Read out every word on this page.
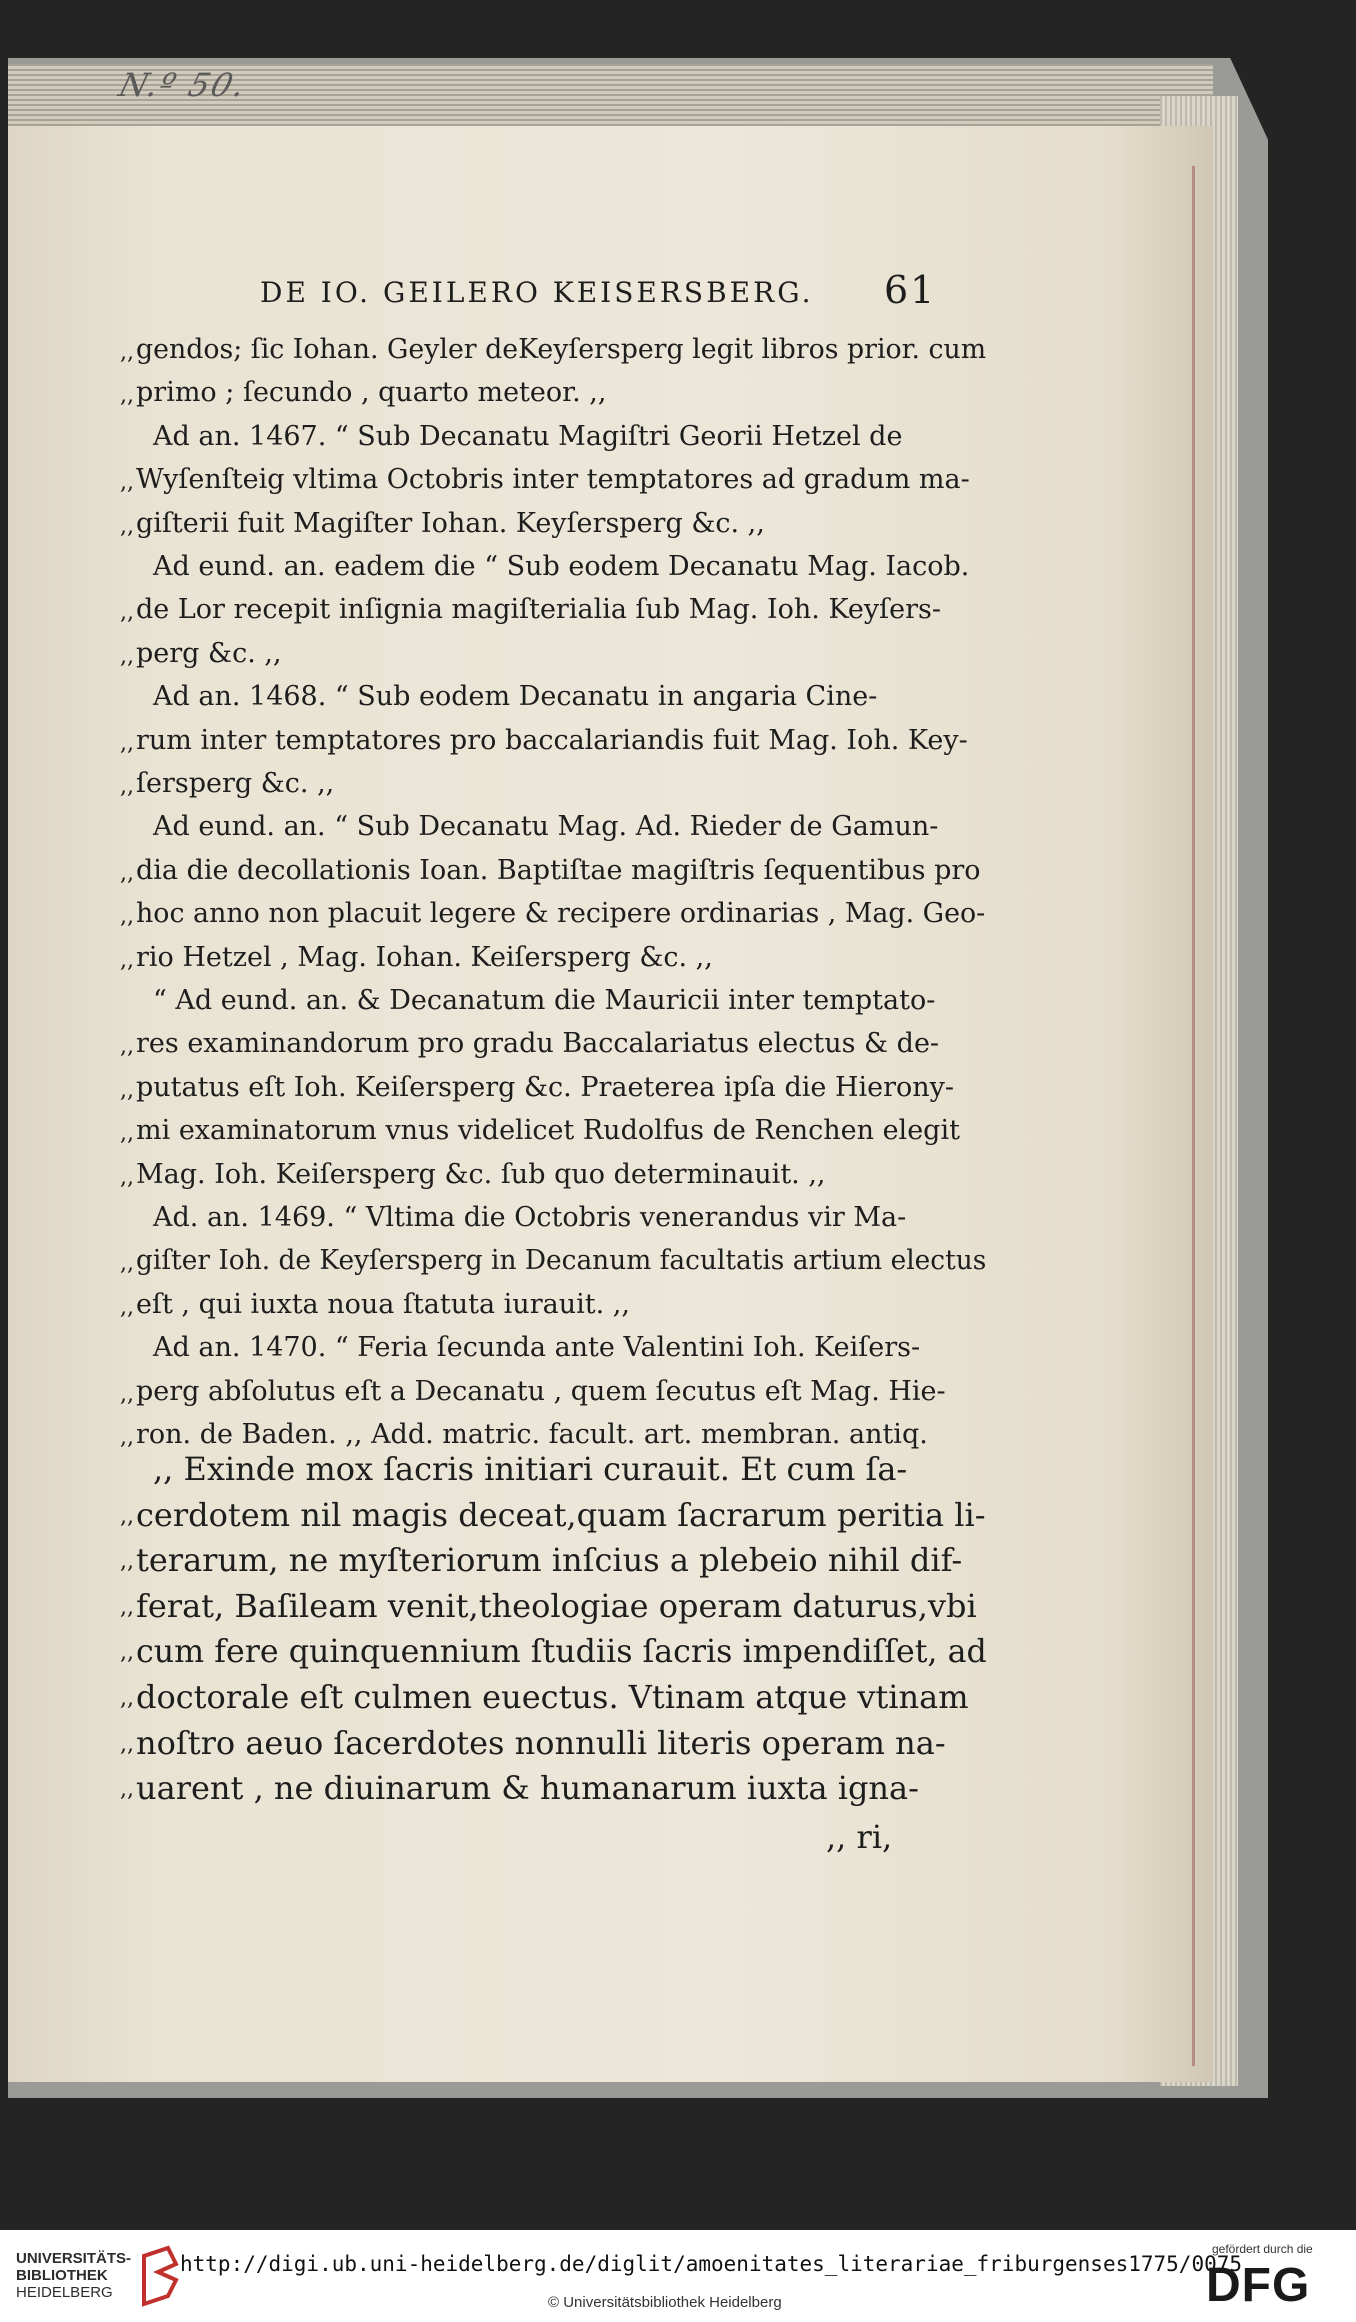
N.º 50.
DE IO. GEILERO KEISERSBERG. 61
gendos; ſic Iohan. Geyler deKeyſersperg legit libros prior. cum
,,
primo ; ſecundo , quarto meteor. ,,
,,
Ad an. 1467. “ Sub Decanatu Magiſtri Georii Hetzel de
Wyſenſteig vltima Octobris inter temptatores ad gradum ma-
,,
giſterii fuit Magiſter Iohan. Keyſersperg &c. ,,
,,
Ad eund. an. eadem die “ Sub eodem Decanatu Mag. Iacob.
de Lor recepit inſignia magiſterialia ſub Mag. Ioh. Keyſers-
,,
perg &c. ,,
,,
Ad an. 1468. “ Sub eodem Decanatu in angaria Cine-
rum inter temptatores pro baccalariandis fuit Mag. Ioh. Key-
,,
ſersperg &c. ,,
,,
Ad eund. an. “ Sub Decanatu Mag. Ad. Rieder de Gamun-
dia die decollationis Ioan. Baptiſtae magiſtris ſequentibus pro
,,
hoc anno non placuit legere & recipere ordinarias , Mag. Geo-
,,
rio Hetzel , Mag. Iohan. Keiſersperg &c. ,,
,,
“ Ad eund. an. & Decanatum die Mauricii inter temptato-
res examinandorum pro gradu Baccalariatus electus & de-
,,
putatus eſt Ioh. Keiſersperg &c. Praeterea ipſa die Hierony-
,,
mi examinatorum vnus videlicet Rudolfus de Renchen elegit
,,
Mag. Ioh. Keiſersperg &c. ſub quo determinauit. ,,
,,
Ad. an. 1469. “ Vltima die Octobris venerandus vir Ma-
giſter Ioh. de Keyſersperg in Decanum facultatis artium electus
,,
eſt , qui iuxta noua ſtatuta iurauit. ,,
,,
Ad an. 1470. “ Feria ſecunda ante Valentini Ioh. Keiſers-
perg abſolutus eſt a Decanatu , quem ſecutus eſt Mag. Hie-
,,
ron. de Baden. ,, Add. matric. facult. art. membran. antiq.
,,
,, Exinde mox ſacris initiari curauit. Et cum ſa-
cerdotem nil magis deceat,quam ſacrarum peritia li-
,,
terarum, ne myſteriorum inſcius a plebeio nihil dif-
,,
ferat, Baſileam venit,theologiae operam daturus,vbi
,,
cum fere quinquennium ſtudiis ſacris impendiſſet, ad
,,
doctorale eſt culmen euectus. Vtinam atque vtinam
,,
noſtro aeuo ſacerdotes nonnulli literis operam na-
,,
uarent , ne diuinarum & humanarum iuxta igna-
,,
,, ri,
UNIVERSITÄTS-
BIBLIOTHEK
HEIDELBERG
http://digi.ub.uni-heidelberg.de/diglit/amoenitates_literariae_friburgenses1775/0075
© Universitätsbibliothek Heidelberg
gefördert durch die
DFG
